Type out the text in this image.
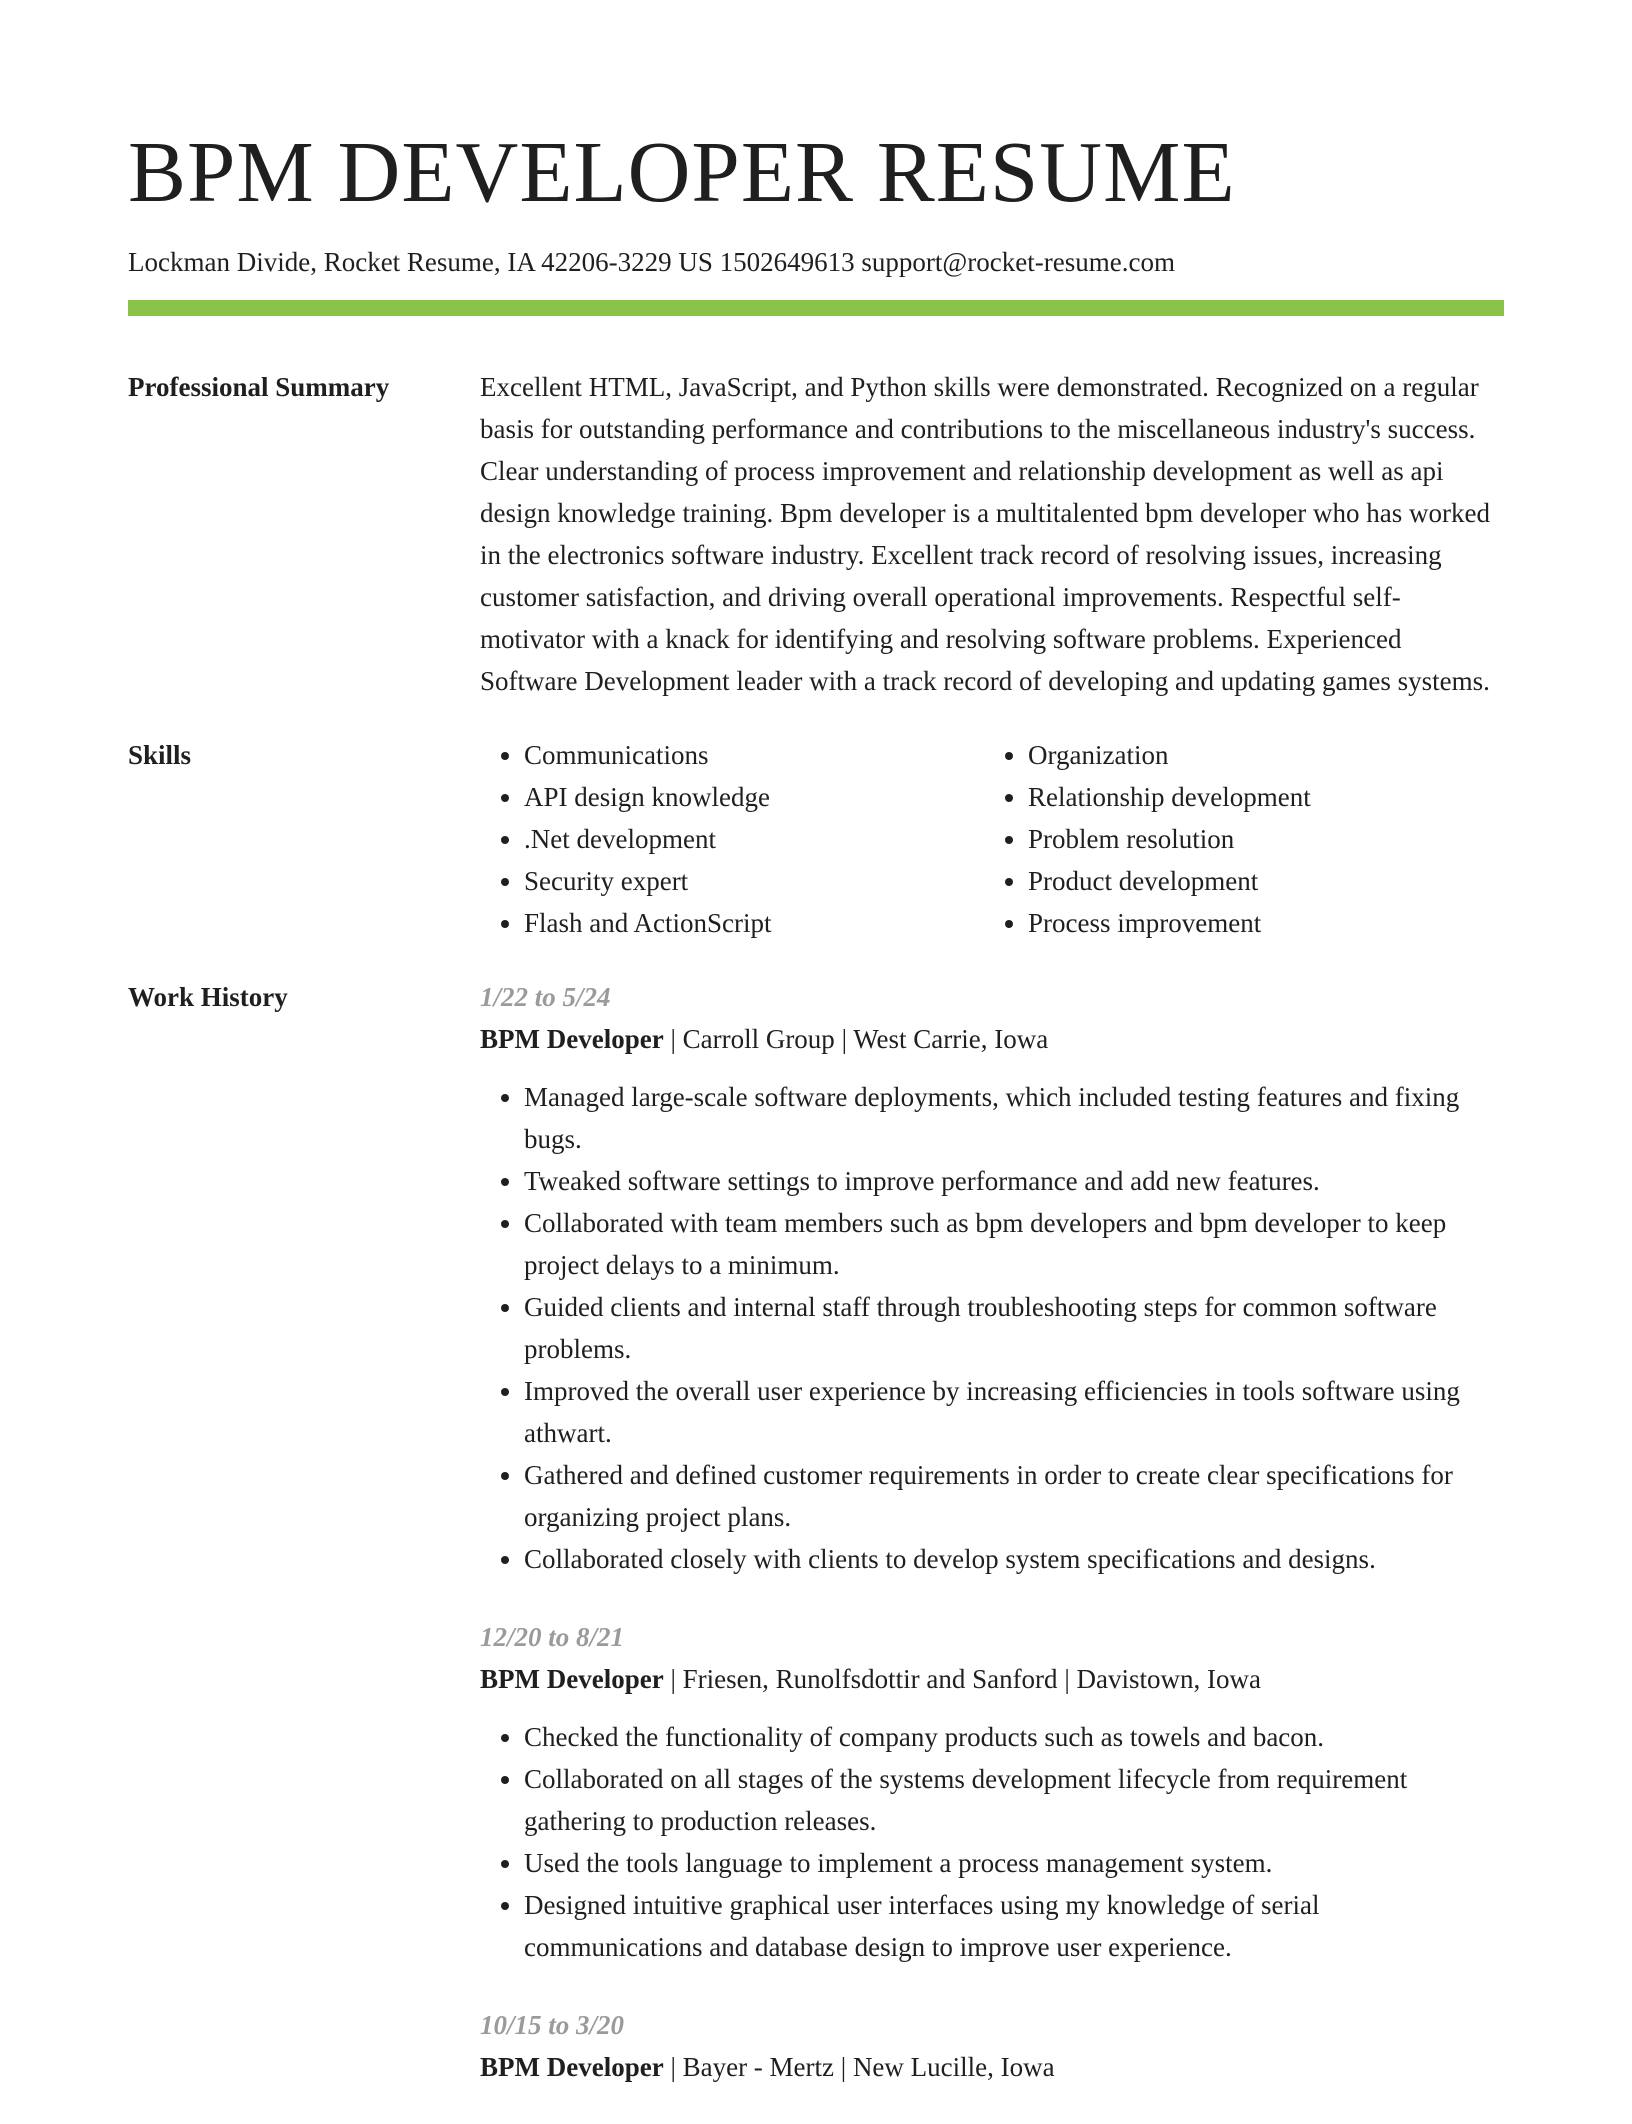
BPM DEVELOPER RESUME
Lockman Divide, Rocket Resume, IA 42206-3229 US 1502649613 support@rocket-resume.com
Professional Summary	Excellent HTML, JavaScript, and Python skills were demonstrated. Recognized on a regular basis for outstanding performance and contributions to the miscellaneous industry's success. Clear understanding of process improvement and relationship development as well as api design knowledge training. Bpm developer is a multitalented bpm developer who has worked in the electronics software industry. Excellent track record of resolving issues, increasing customer satisfaction, and driving overall operational improvements. Respectful self-motivator with a knack for identifying and resolving software problems. Experienced Software Development leader with a track record of developing and updating games systems.

Skills
•	Communications
• API design knowledge
• .Net development
• Security expert
• Flash and ActionScript
• Organization
• Relationship development
• Problem resolution
• Product development
• Process improvement
Work History	1/22 to 5/24
BPM Developer | Carroll Group | West Carrie, Iowa
• Managed large-scale software deployments, which included testing features and fixing bugs.
• Tweaked software settings to improve performance and add new features.
• Collaborated with team members such as bpm developers and bpm developer to keep project delays to a minimum.
• Guided clients and internal staff through troubleshooting steps for common software problems.
• Improved the overall user experience by increasing efficiencies in tools software using athwart.
• Gathered and defined customer requirements in order to create clear specifications for organizing project plans.
• Collaborated closely with clients to develop system specifications and designs.
12/20 to 8/21
BPM Developer | Friesen, Runolfsdottir and Sanford | Davistown, Iowa
• Checked the functionality of company products such as towels and bacon.
• Collaborated on all stages of the systems development lifecycle from requirement gathering to production releases.
• Used the tools language to implement a process management system.
• Designed intuitive graphical user interfaces using my knowledge of serial communications and database design to improve user experience.
10/15 to 3/20
BPM Developer | Bayer - Mertz | New Lucille, Iowa
